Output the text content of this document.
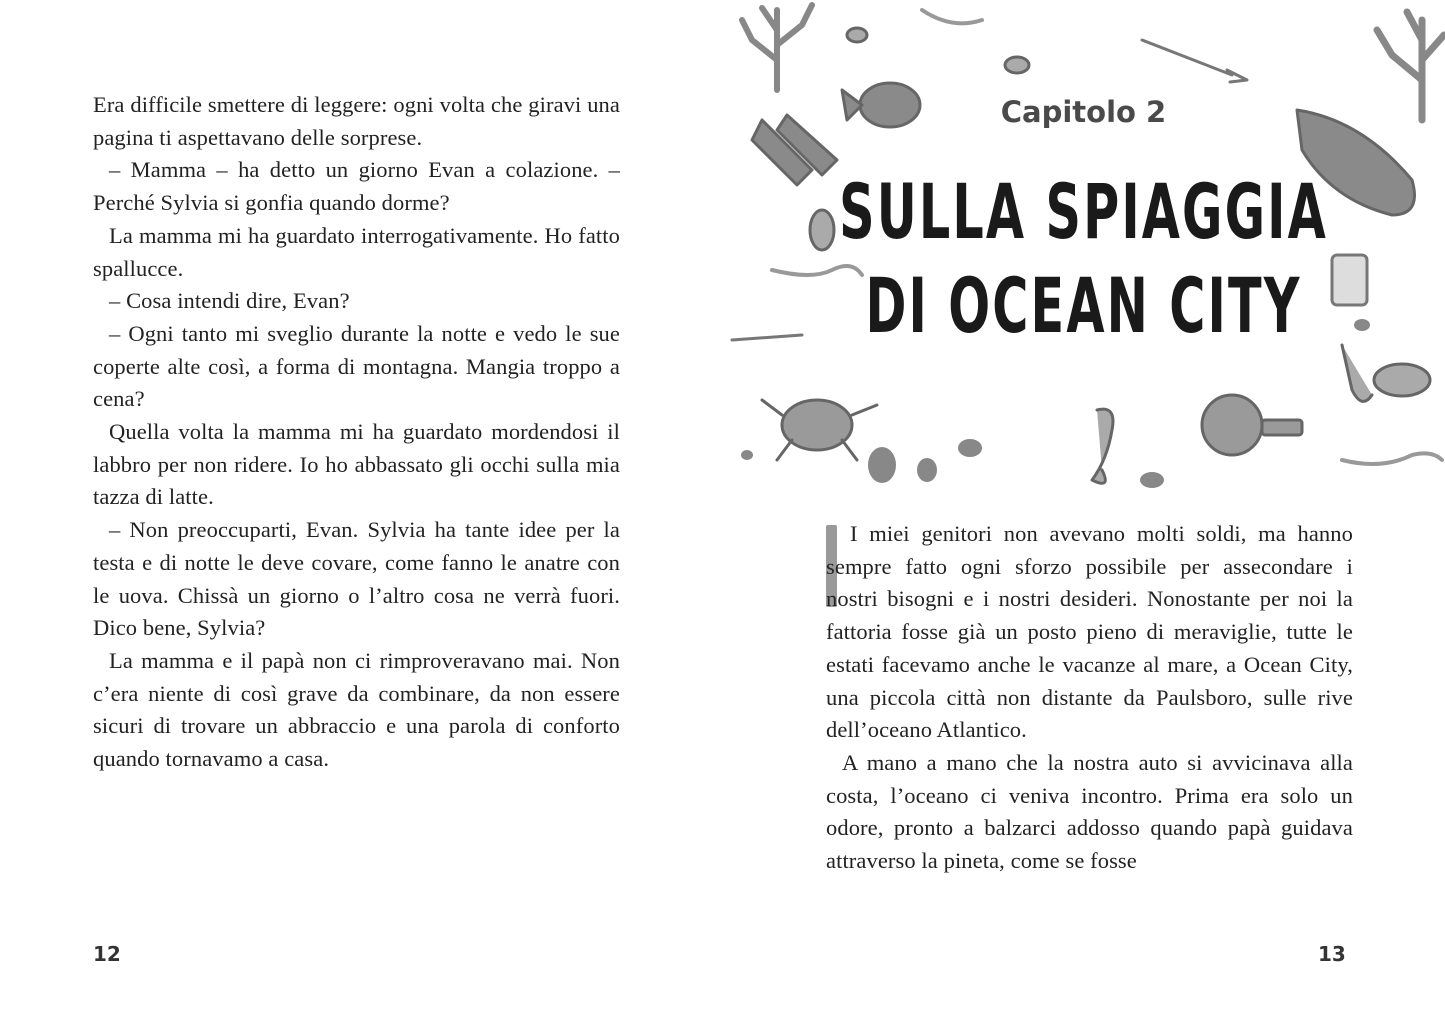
Era difficile smettere di leggere: ogni volta che giravi una pagina ti aspettavano delle sorprese.

– Mamma – ha detto un giorno Evan a colazione. – Perché Sylvia si gonfia quando dorme?

La mamma mi ha guardato interrogativamente. Ho fatto spallucce.

– Cosa intendi dire, Evan?

– Ogni tanto mi sveglio durante la notte e vedo le sue coperte alte così, a forma di montagna. Mangia troppo a cena?

Quella volta la mamma mi ha guardato mordendosi il labbro per non ridere. Io ho abbassato gli occhi sulla mia tazza di latte.

– Non preoccuparti, Evan. Sylvia ha tante idee per la testa e di notte le deve covare, come fanno le anatre con le uova. Chissà un giorno o l’altro cosa ne verrà fuori. Dico bene, Sylvia?

La mamma e il papà non ci rimproveravano mai. Non c’era niente di così grave da combinare, da non essere sicuri di trovare un abbraccio e una parola di conforto quando tornavamo a casa.

12
Capitolo 2
SULLA SPIAGGIA DI OCEAN CITY

I miei genitori non avevano molti soldi, ma hanno sempre fatto ogni sforzo possibile per assecondare i nostri bisogni e i nostri desideri. Nonostante per noi la fattoria fosse già un posto pieno di meraviglie, tutte le estati facevamo anche le vacanze al mare, a Ocean City, una piccola città non distante da Paulsboro, sulle rive dell’oceano Atlantico.

A mano a mano che la nostra auto si avvicinava alla costa, l’oceano ci veniva incontro. Prima era solo un odore, pronto a balzarci addosso quando papà guidava attraverso la pineta, come se fosse

13
